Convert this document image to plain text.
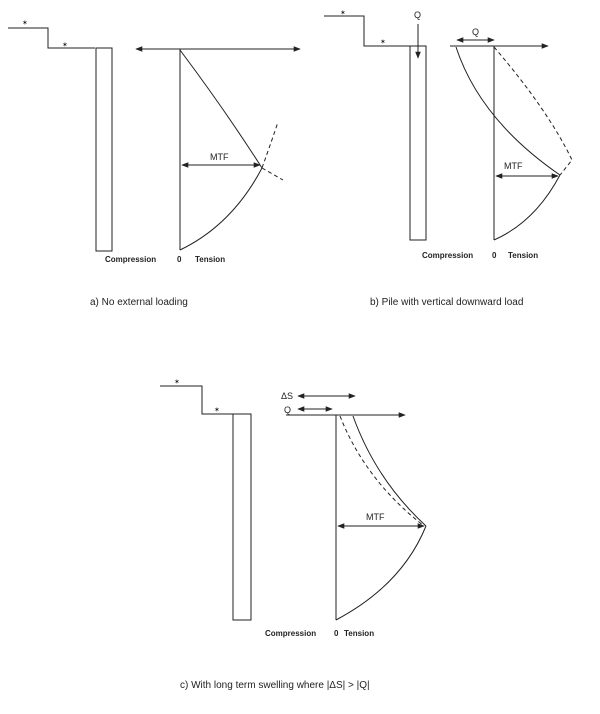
✶
✶
MTF
Compression	0 Tension
a) No external loading
✶
✶
Q
Q
MTF
Compression 0 Tension
b) Pile with vertical downward load
✶
✶
ΔS
Q
MTF
Compression 0 Tension
c) With long term swelling where |ΔS| > |Q|
